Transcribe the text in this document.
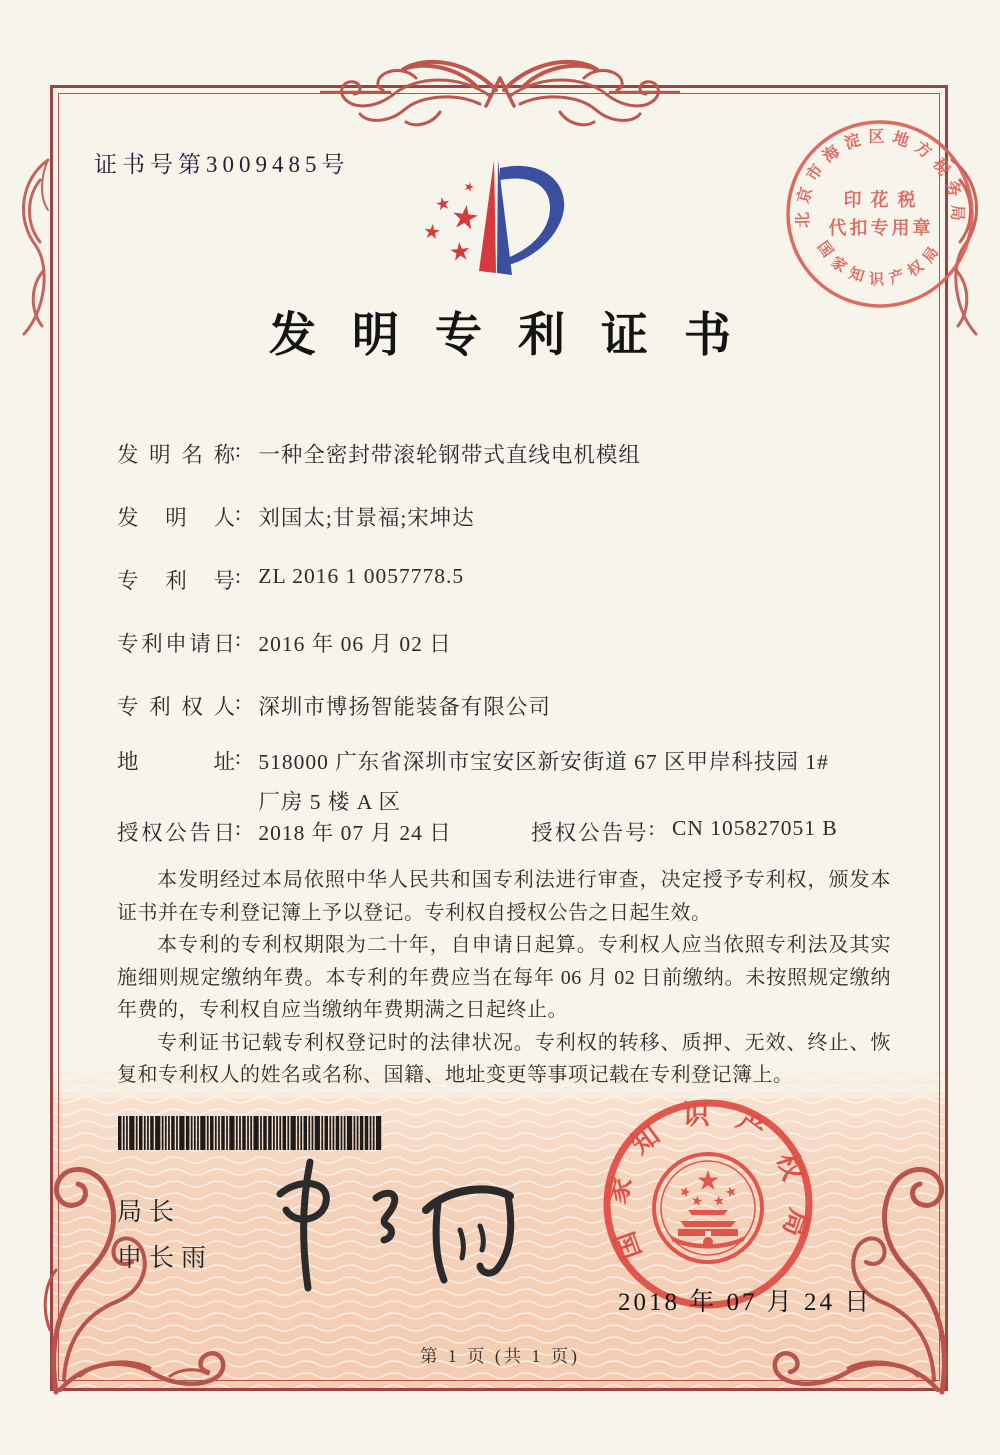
证书号第3009485号
发明专利证书
发明名称: 一种全密封带滚轮钢带式直线电机模组
发明人: 刘国太;甘景福;宋坤达
专利号: ZL 2016 1 0057778.5
专利申请日: 2016 年 06 月 02 日
专利权人: 深圳市博扬智能装备有限公司
地址: 518000 广东省深圳市宝安区新安街道 67 区甲岸科技园 1#
厂房 5 楼 A 区
授权公告日: 2018 年 07 月 24 日	授权公告号: CN 105827051 B

本发明经过本局依照中华人民共和国专利法进行审查，决定授予专利权，颁发本证书并在专利登记簿上予以登记。专利权自授权公告之日起生效。

本专利的专利权期限为二十年，自申请日起算。专利权人应当依照专利法及其实施细则规定缴纳年费。本专利的年费应当在每年 06 月 02 日前缴纳。未按照规定缴纳年费的，专利权自应当缴纳年费期满之日起终止。

专利证书记载专利权登记时的法律状况。专利权的转移、质押、无效、终止、恢复和专利权人的姓名或名称、国籍、地址变更等事项记载在专利登记簿上。

局长
申长雨	国家知识产权局
2018 年 07 月 24 日
北京市海淀区地方税务局
印花税
代扣专用章
国家知识产权局
第 1 页 (共 1 页)
